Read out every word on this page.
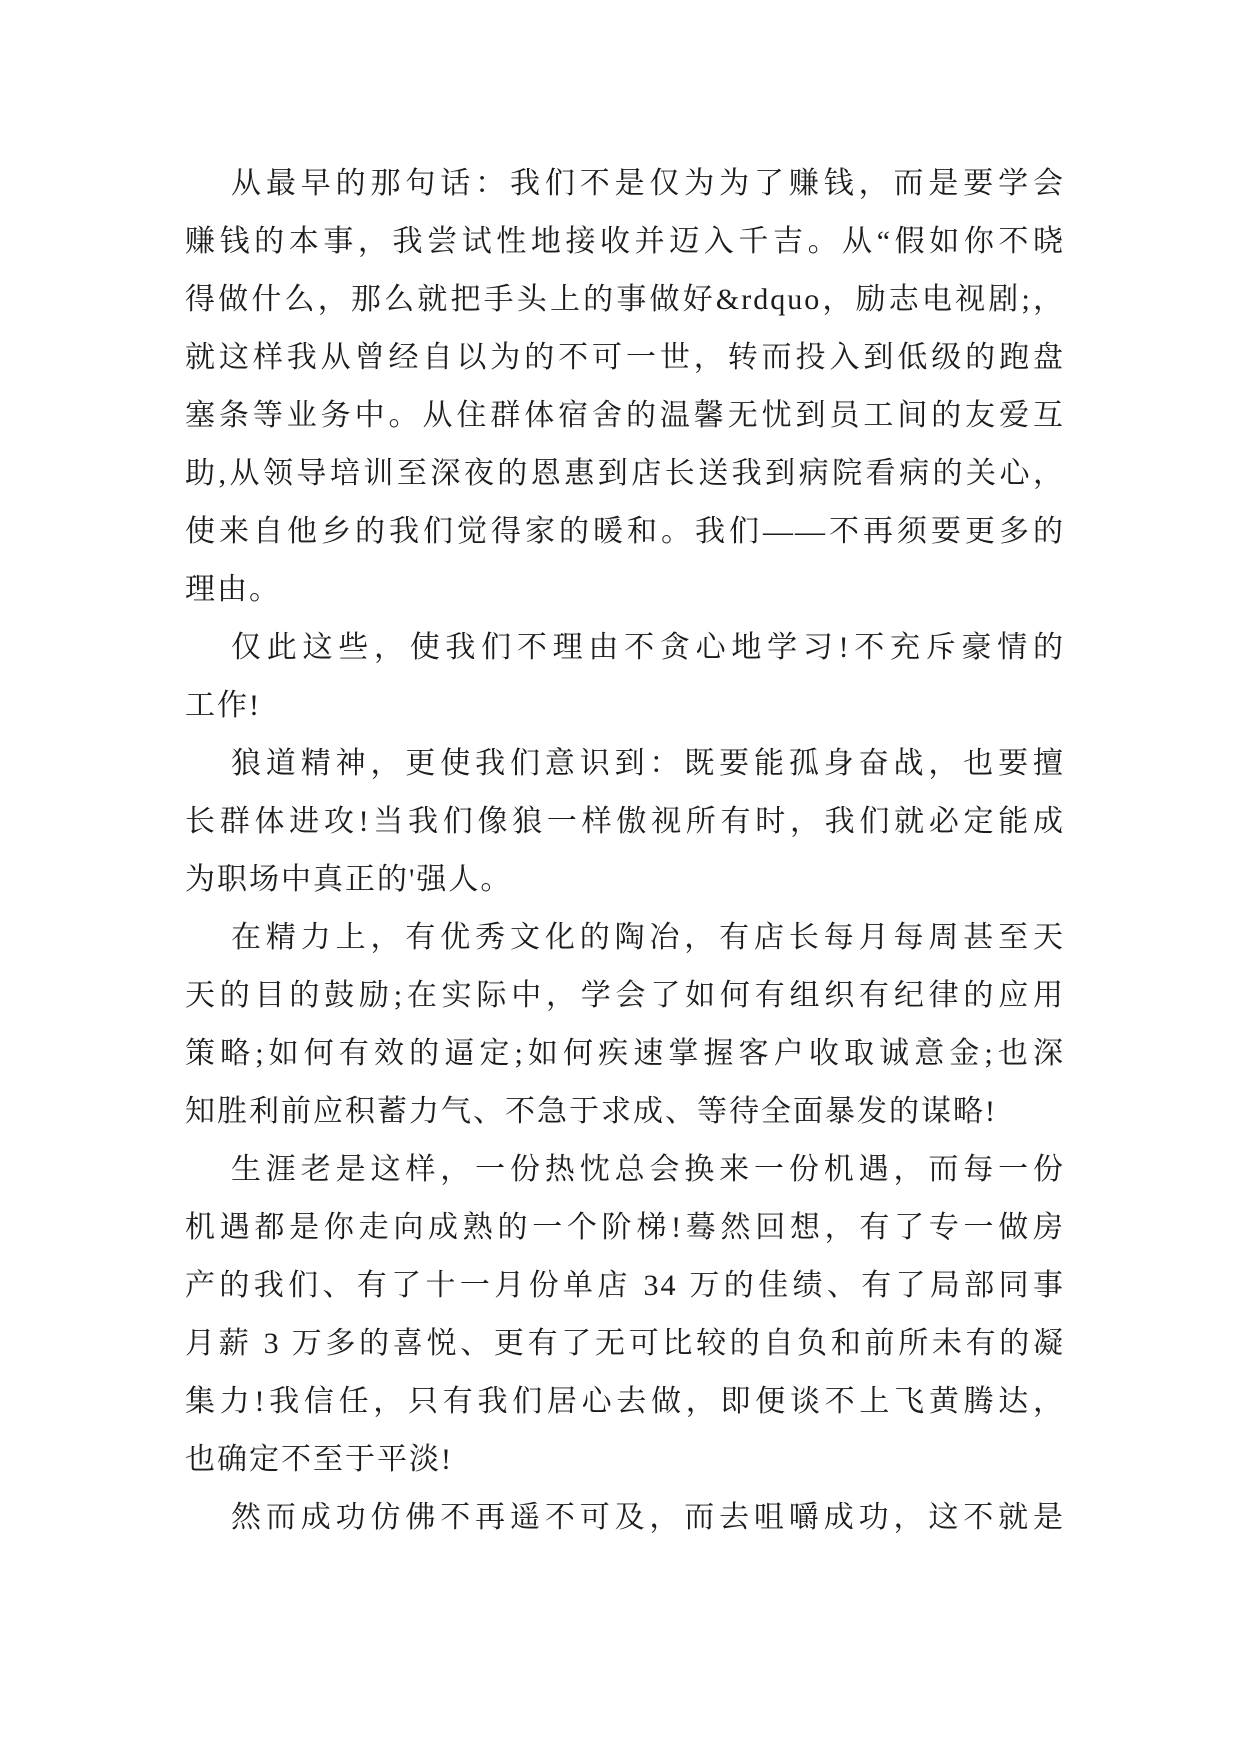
从最早的那句话：我们不是仅为为了赚钱，而是要学会

赚钱的本事，我尝试性地接收并迈入千吉。从“假如你不晓

得做什么，那么就把手头上的事做好&rdquo，励志电视剧;，

就这样我从曾经自以为的不可一世，转而投入到低级的跑盘

塞条等业务中。从住群体宿舍的温馨无忧到员工间的友爱互

助,从领导培训至深夜的恩惠到店长送我到病院看病的关心，

使来自他乡的我们觉得家的暖和。我们——不再须要更多的

理由。

仅此这些，使我们不理由不贪心地学习!不充斥豪情的

工作!

狼道精神，更使我们意识到：既要能孤身奋战，也要擅

长群体进攻!当我们像狼一样傲视所有时，我们就必定能成

为职场中真正的'强人。

在精力上，有优秀文化的陶冶，有店长每月每周甚至天

天的目的鼓励;在实际中，学会了如何有组织有纪律的应用

策略;如何有效的逼定;如何疾速掌握客户收取诚意金;也深

知胜利前应积蓄力气、不急于求成、等待全面暴发的谋略!

生涯老是这样，一份热忱总会换来一份机遇，而每一份

机遇都是你走向成熟的一个阶梯!蓦然回想，有了专一做房

产的我们、有了十一月份单店 34 万的佳绩、有了局部同事

月薪 3 万多的喜悦、更有了无可比较的自负和前所未有的凝

集力!我信任，只有我们居心去做，即便谈不上飞黄腾达，

也确定不至于平淡!

然而成功仿佛不再遥不可及，而去咀嚼成功，这不就是
